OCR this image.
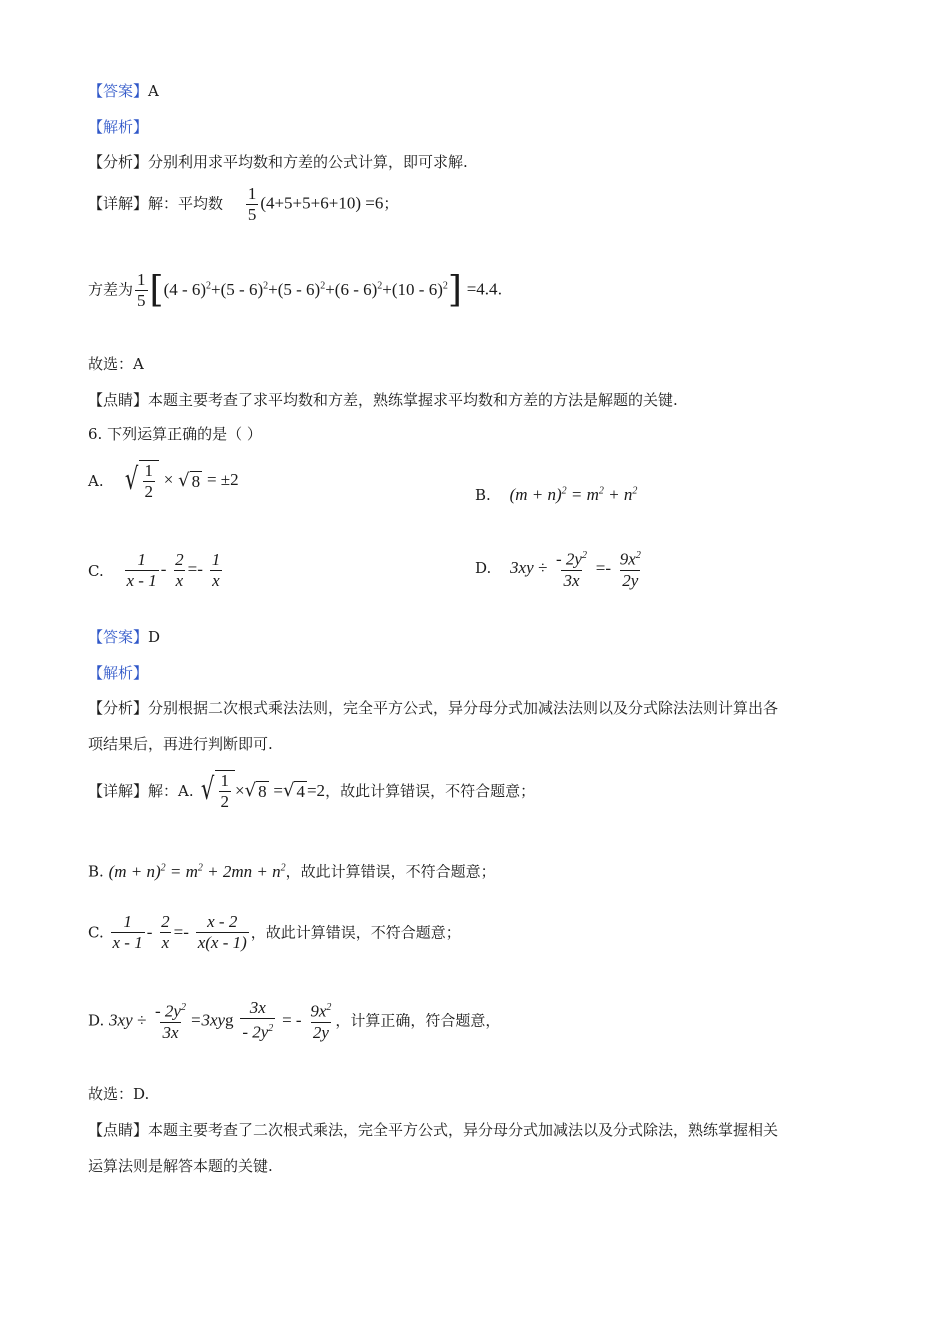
【答案】A
【解析】
【分析】分别利用求平均数和方差的公式计算，即可求解.
【详解】解：平均数 $\frac{1}{5} (4+5+5+6+10) =6$；
方差为 $\frac{1}{5} [(4 - 6)^2+(5 - 6)^2+(5 - 6)^2+(6 - 6)^2+(10 - 6)^2] =4.4$.
故选：A
【点睛】本题主要考查了求平均数和方差，熟练掌握求平均数和方差的方法是解题的关键.
6. 下列运算正确的是（ ）
A. √ $\frac{1}{2}$ × √ 8 = ±2
B. $(m + n)^2 = m^2 + n^2$
C. $\frac{1}{x - 1} - \frac{2}{x} =- \frac{1}{x}$	D. $3xy \div \frac{- 2y^2}{3x} =- \frac{9x^2}{2y}$
【答案】D
【解析】
【分析】分别根据二次根式乘法法则，完全平方公式，异分母分式加减法法则以及分式除法法则计算出各
项结果后，再进行判断即可.
【详解】解：A. √ $\frac{1}{2}$ × √ 8 = √ 4 =2，故此计算错误，不符合题意；
B. $(m + n)^2 = m^2 + 2mn + n^2$，故此计算错误，不符合题意；
C. $\frac{1}{x - 1} - \frac{2}{x} =- \frac{x - 2}{x(x - 1)}$ ，故此计算错误，不符合题意；
D. $3xy \div \frac{- 2y^2}{3x} =3xyg \frac{3x}{- 2y^2}$ = - $\frac{9x^2}{2y}$ ，计算正确，符合题意，
故选：D.
【点睛】本题主要考查了二次根式乘法，完全平方公式，异分母分式加减法以及分式除法，熟练掌握相关
运算法则是解答本题的关键.
